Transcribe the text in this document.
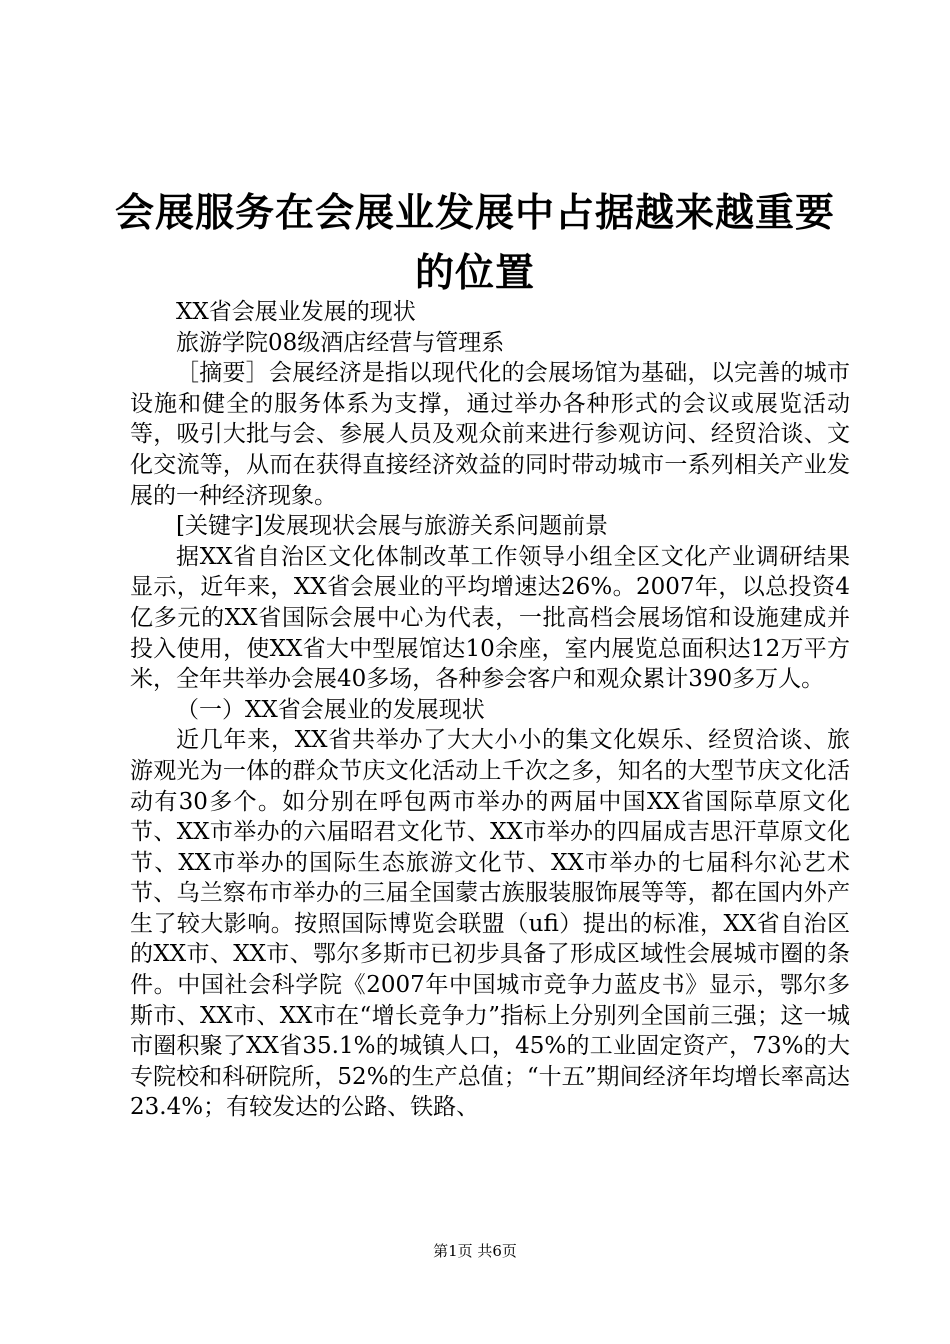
会展服务在会展业发展中占据越来越重要的位置

XX省会展业发展的现状

旅游学院08级酒店经营与管理系

［摘要］会展经济是指以现代化的会展场馆为基础，以完善的城市设施和健全的服务体系为支撑，通过举办各种形式的会议或展览活动等，吸引大批与会、参展人员及观众前来进行参观访问、经贸洽谈、文化交流等，从而在获得直接经济效益的同时带动城市一系列相关产业发展的一种经济现象。

[关键字]发展现状会展与旅游关系问题前景

据XX省自治区文化体制改革工作领导小组全区文化产业调研结果显示，近年来，XX省会展业的平均增速达26%。2007年，以总投资4亿多元的XX省国际会展中心为代表，一批高档会展场馆和设施建成并投入使用，使XX省大中型展馆达10余座，室内展览总面积达12万平方米，全年共举办会展40多场，各种参会客户和观众累计390多万人。

（一）XX省会展业的发展现状

近几年来，XX省共举办了大大小小的集文化娱乐、经贸洽谈、旅游观光为一体的群众节庆文化活动上千次之多，知名的大型节庆文化活动有30多个。如分别在呼包两市举办的两届中国XX省国际草原文化节、XX市举办的六届昭君文化节、XX市举办的四届成吉思汗草原文化节、XX市举办的国际生态旅游文化节、XX市举办的七届科尔沁艺术节、乌兰察布市举办的三届全国蒙古族服装服饰展等等，都在国内外产生了较大影响。按照国际博览会联盟（ufi）提出的标准，XX省自治区的XX市、XX市、鄂尔多斯市已初步具备了形成区域性会展城市圈的条件。中国社会科学院《2007年中国城市竞争力蓝皮书》显示，鄂尔多斯市、XX市、XX市在“增长竞争力”指标上分别列全国前三强；这一城市圈积聚了XX省35.1%的城镇人口，45%的工业固定资产，73%的大专院校和科研院所，52%的生产总值；“十五”期间经济年均增长率高达23.4%；有较发达的公路、铁路、

第1页 共6页
